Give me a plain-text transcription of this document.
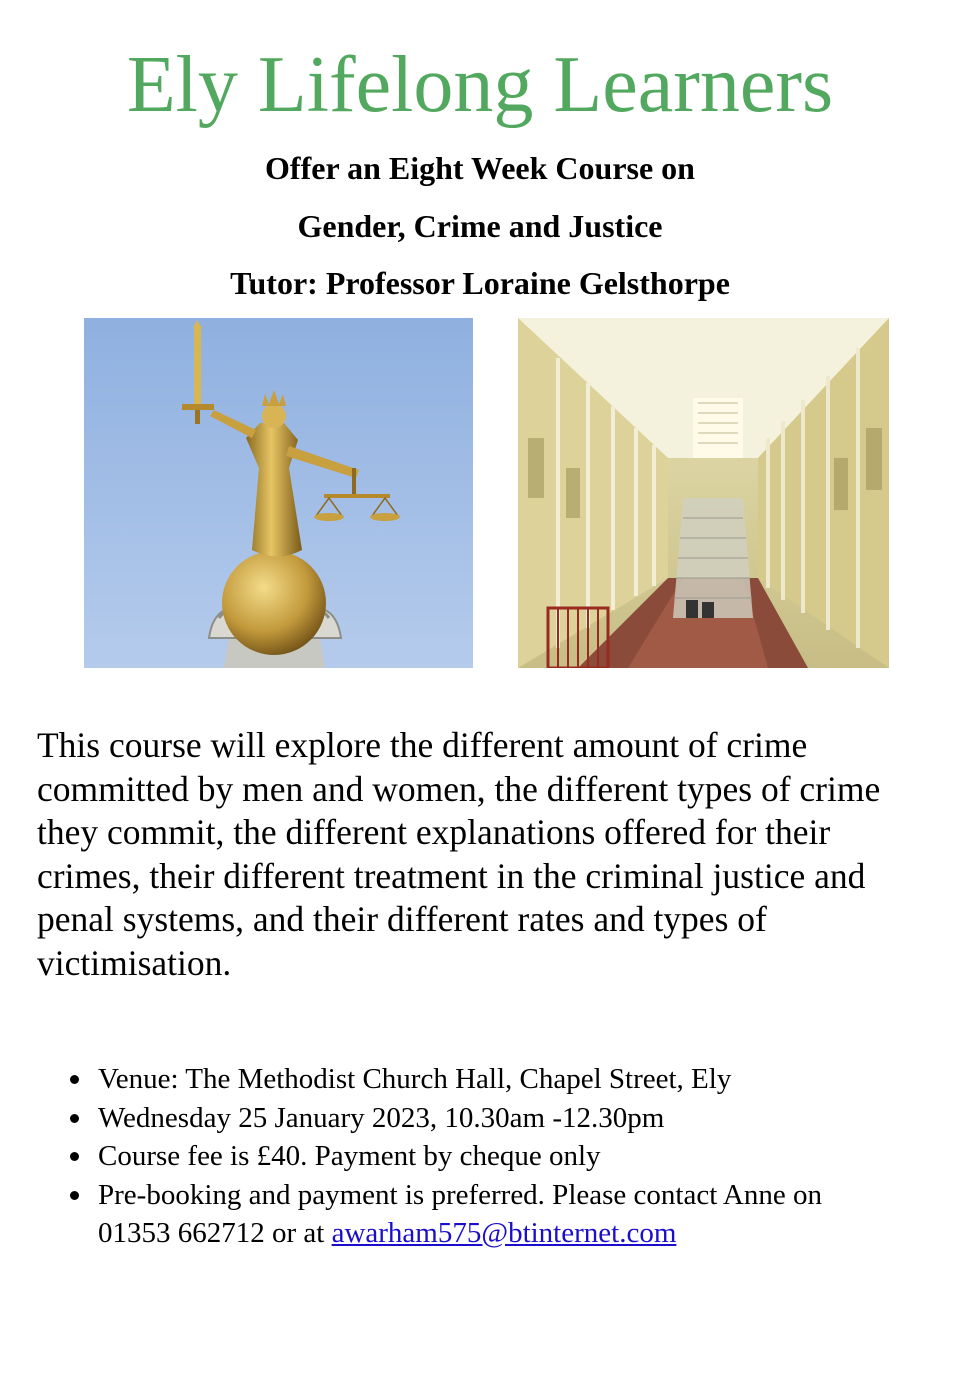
Ely Lifelong Learners
Offer an Eight Week Course on
Gender, Crime and Justice
Tutor: Professor Loraine Gelsthorpe
This course will explore the different amount of crime
committed by men and women, the different types of crime
they commit, the different explanations offered for their
crimes, their different treatment in the criminal justice and
penal systems, and their different rates and types of
victimisation.
Venue: The Methodist Church Hall, Chapel Street, Ely
Wednesday 25 January 2023, 10.30am -12.30pm
Course fee is £40. Payment by cheque only
Pre-booking and payment is preferred. Please contact Anne on
01353 662712 or at awarham575@btinternet.com
